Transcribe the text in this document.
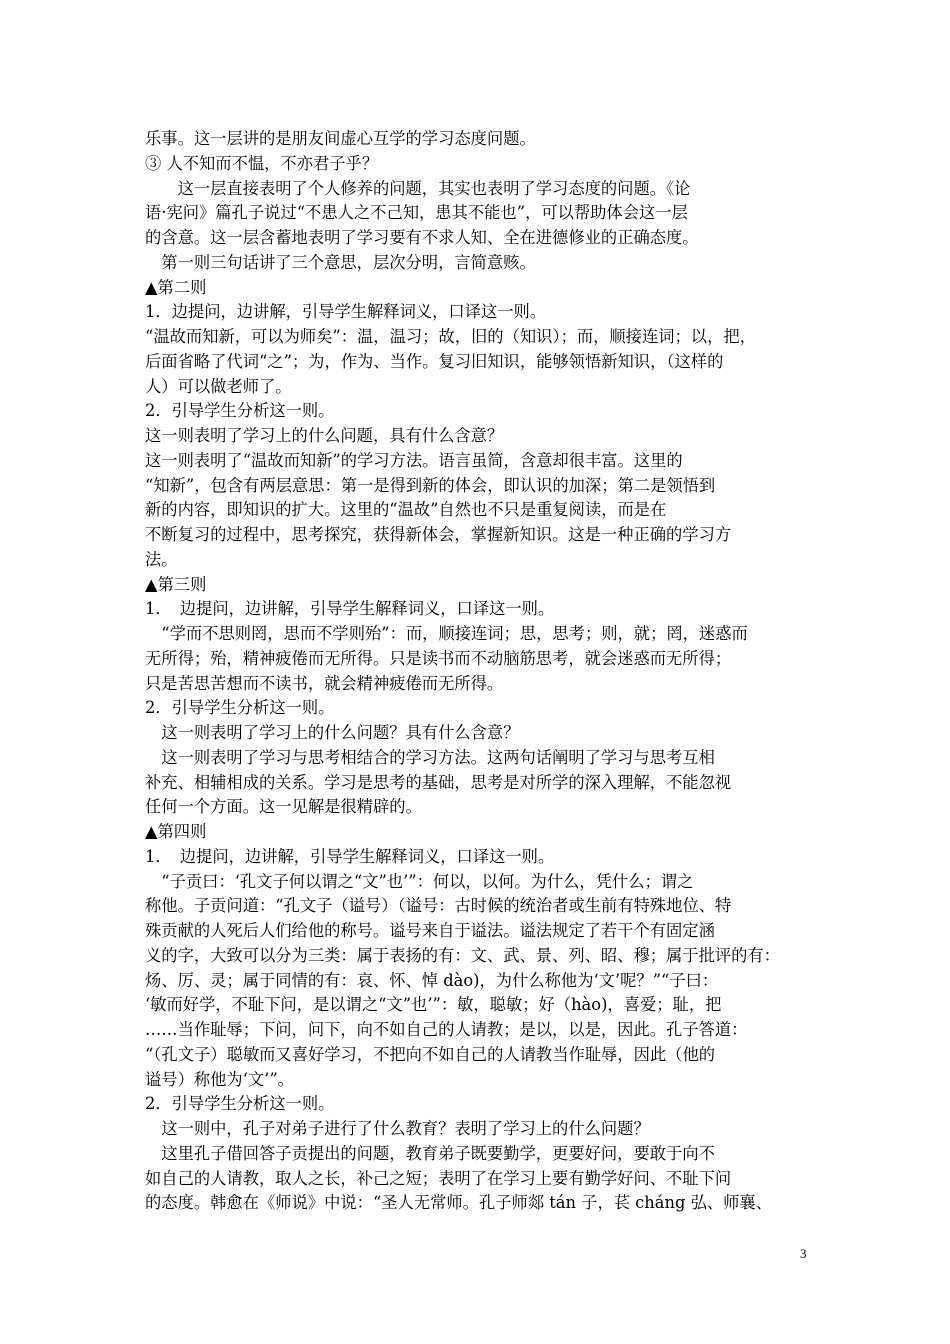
乐事。这一层讲的是朋友间虚心互学的学习态度问题。
③ 人不知而不愠，不亦君子乎？
　　这一层直接表明了个人修养的问题，其实也表明了学习态度的问题。《论
语·宪问》篇孔子说过“不患人之不己知，患其不能也”，可以帮助体会这一层
的含意。这一层含蓄地表明了学习要有不求人知、全在进德修业的正确态度。
　第一则三句话讲了三个意思，层次分明，言简意赅。
▲第二则
1．边提问，边讲解，引导学生解释词义，口译这一则。
“温故而知新，可以为师矣”：温，温习；故，旧的（知识）；而，顺接连词；以，把，
后面省略了代词“之”；为，作为、当作。复习旧知识，能够领悟新知识，（这样的
人）可以做老师了。
2．引导学生分析这一则。
这一则表明了学习上的什么问题，具有什么含意？
这一则表明了“温故而知新”的学习方法。语言虽简，含意却很丰富。这里的
“知新”，包含有两层意思：第一是得到新的体会，即认识的加深；第二是领悟到
新的内容，即知识的扩大。这里的“温故”自然也不只是重复阅读，而是在
不断复习的过程中，思考探究，获得新体会，掌握新知识。这是一种正确的学习方
法。
▲第三则
1．　边提问，边讲解，引导学生解释词义，口译这一则。
　“学而不思则罔，思而不学则殆”：而，顺接连词；思，思考；则，就；罔，迷惑而
无所得；殆，精神疲倦而无所得。只是读书而不动脑筋思考，就会迷惑而无所得；
只是苦思苦想而不读书，就会精神疲倦而无所得。
2．引导学生分析这一则。
　这一则表明了学习上的什么问题？具有什么含意？
　这一则表明了学习与思考相结合的学习方法。这两句话阐明了学习与思考互相
补充、相辅相成的关系。学习是思考的基础，思考是对所学的深入理解，不能忽视
任何一个方面。这一见解是很精辟的。
▲第四则
1．　边提问，边讲解，引导学生解释词义，口译这一则。
　“子贡曰：‘孔文子何以谓之“文”也’”：何以，以何。为什么，凭什么；谓之
称他。子贡问道：“孔文子（谥号）（谥号：古时候的统治者或生前有特殊地位、特
殊贡献的人死后人们给他的称号。谥号来自于谥法。谥法规定了若干个有固定涵
义的字，大致可以分为三类：属于表扬的有：文、武、景、列、昭、穆；属于批评的有：
炀、厉、灵；属于同情的有：哀、怀、悼 dào)，为什么称他为‘文’呢？”“子曰：
‘敏而好学，不耻下问，是以谓之“文”也’”：敏，聪敏；好（hào)，喜爱；耻，把
……当作耻辱；下问，问下，向不如自己的人请教；是以，以是，因此。孔子答道：
“（孔文子）聪敏而又喜好学习，不把向不如自己的人请教当作耻辱，因此（他的
谥号）称他为‘文’”。
2．引导学生分析这一则。
　这一则中，孔子对弟子进行了什么教育？表明了学习上的什么问题？
　这里孔子借回答子贡提出的问题，教育弟子既要勤学，更要好问，要敢于向不
如自己的人请教，取人之长，补己之短；表明了在学习上要有勤学好问、不耻下问
的态度。韩愈在《师说》中说：“圣人无常师。孔子师郯 tán 子，苌 cháng 弘、师襄、
3
